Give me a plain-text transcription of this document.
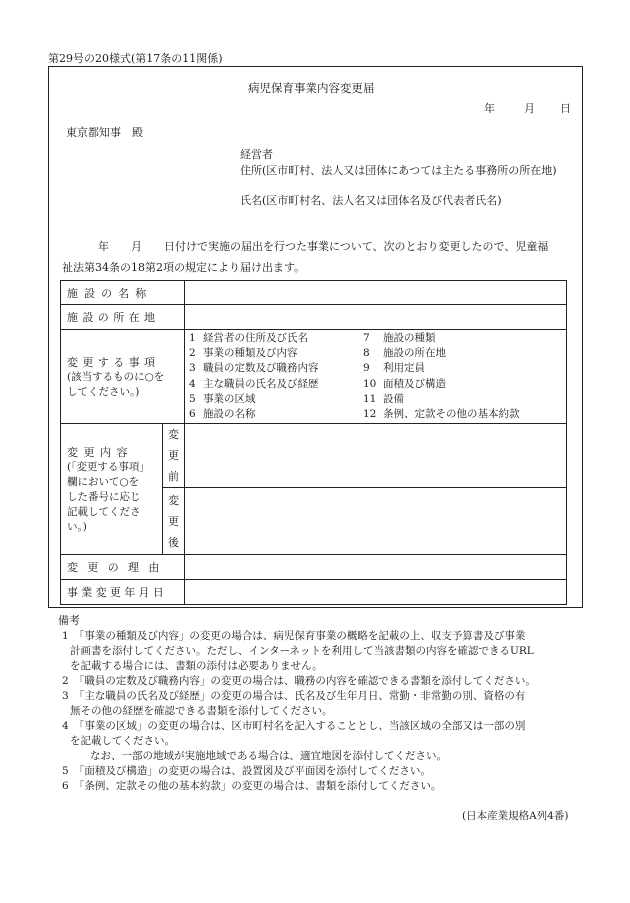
第29号の20様式(第17条の11関係)
病児保育事業内容変更届
年	月 日
東京都知事　殿
経営者
住所(区市町村、法人又は団体にあつては主たる事務所の所在地)
氏名(区市町村名、法人名又は団体名及び代表者氏名)
年　　月　　日付けで実施の届出を行つた事業について、次のとおり変更したので、児童福
祉法第34条の18第2項の規定により届け出ます。
施設の名称	
施設の所在地	

変更する事項
(該当するものに○を
してください。)

1	経営者の住所及び氏名	7	施設の種類
2	事業の種類及び内容	8	施設の所在地
3	職員の定数及び職務内容	9	利用定員
4	主な職員の氏名及び経歴	10	面積及び構造
5	事業の区域	11	設備
6	施設の名称	12	条例、定款その他の基本約款

変更内容
(「変更する事項」
欄において○を
した番号に応じ
記載してくださ
い。)

変
更
前

変
更
後

変更の理由	
事業変更年月日	
備考
1　「事業の種類及び内容」の変更の場合は、病児保育事業の概略を記載の上、収支予算書及び事業
計画書を添付してください。ただし、インターネットを利用して当該書類の内容を確認できるURL
を記載する場合には、書類の添付は必要ありません。
2　「職員の定数及び職務内容」の変更の場合は、職務の内容を確認できる書類を添付してください。
3　「主な職員の氏名及び経歴」の変更の場合は、氏名及び生年月日、常勤・非常勤の別、資格の有
無その他の経歴を確認できる書類を添付してください。
4　「事業の区域」の変更の場合は、区市町村名を記入することとし、当該区域の全部又は一部の別
を記載してください。
なお、一部の地域が実施地域である場合は、適宜地図を添付してください。
5　「面積及び構造」の変更の場合は、設置図及び平面図を添付してください。
6　「条例、定款その他の基本約款」の変更の場合は、書類を添付してください。
(日本産業規格A列4番)
